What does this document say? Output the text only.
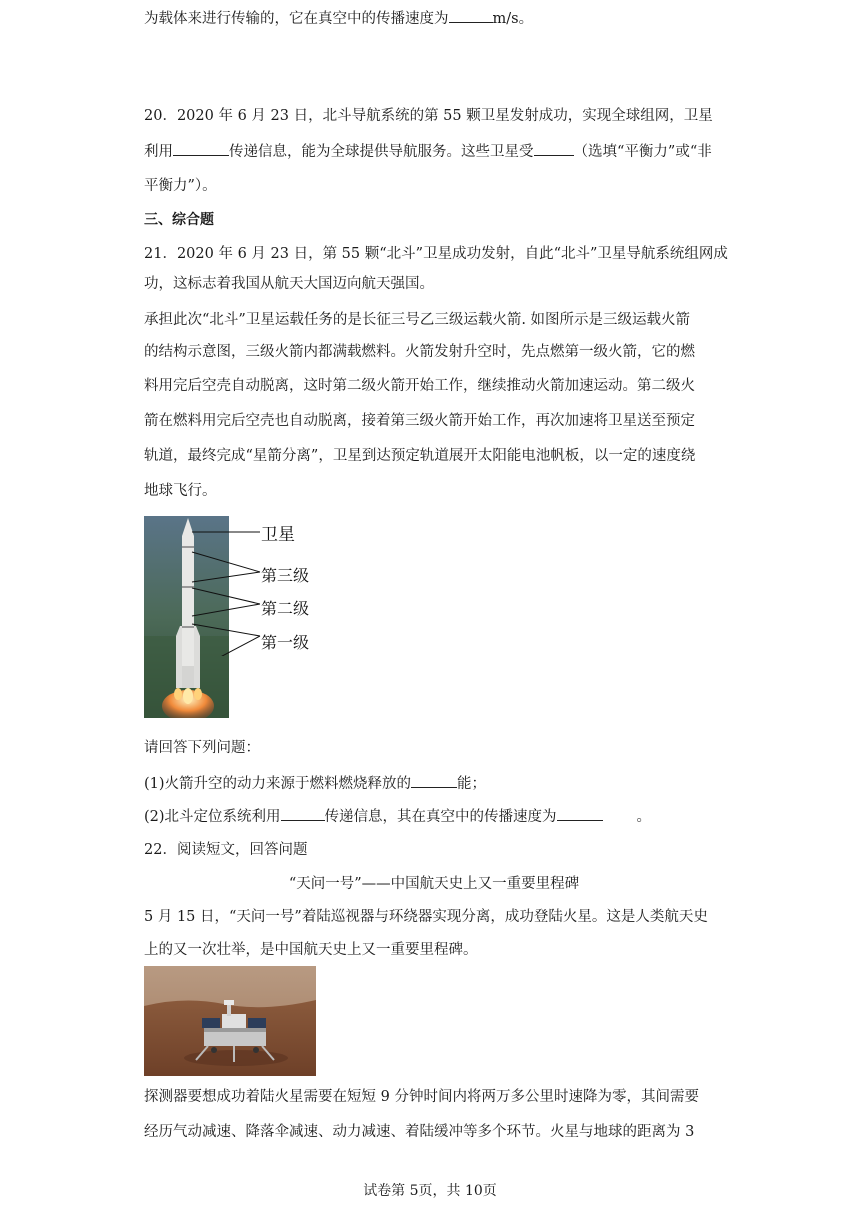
为载体来进行传输的，它在真空中的传播速度为	m/s。
20．2020 年 6 月 23 日，北斗导航系统的第 55 颗卫星发射成功，实现全球组网，卫星
利用	传递信息，能为全球提供导航服务。这些卫星受	（选填“平衡力”或“非
平衡力”）。
三、综合题
21．2020 年 6 月 23 日，第 55 颗“北斗”卫星成功发射，自此“北斗”卫星导航系统组网成
功，这标志着我国从航天大国迈向航天强国。
承担此次“北斗”卫星运载任务的是长征三号乙三级运载火箭. 如图所示是三级运载火箭
的结构示意图，三级火箭内都满载燃料。火箭发射升空时，先点燃第一级火箭，它的燃
料用完后空壳自动脱离，这时第二级火箭开始工作，继续推动火箭加速运动。第二级火
箭在燃料用完后空壳也自动脱离，接着第三级火箭开始工作，再次加速将卫星送至预定
轨道，最终完成“星箭分离”，卫星到达预定轨道展开太阳能电池帆板，以一定的速度绕
地球飞行。
卫星
第三级
第二级
第一级
请回答下列问题：
(1)火箭升空的动力来源于燃料燃烧释放的	能；
(2)北斗定位系统利用	传递信息，其在真空中的传播速度为	。
22．阅读短文，回答问题
“天问一号”——中国航天史上又一重要里程碑
5 月 15 日，“天问一号”着陆巡视器与环绕器实现分离，成功登陆火星。这是人类航天史
上的又一次壮举，是中国航天史上又一重要里程碑。
探测器要想成功着陆火星需要在短短 9 分钟时间内将两万多公里时速降为零，其间需要
经历气动减速、降落伞减速、动力减速、着陆缓冲等多个环节。火星与地球的距离为 3
试卷第 5页，共 10页
